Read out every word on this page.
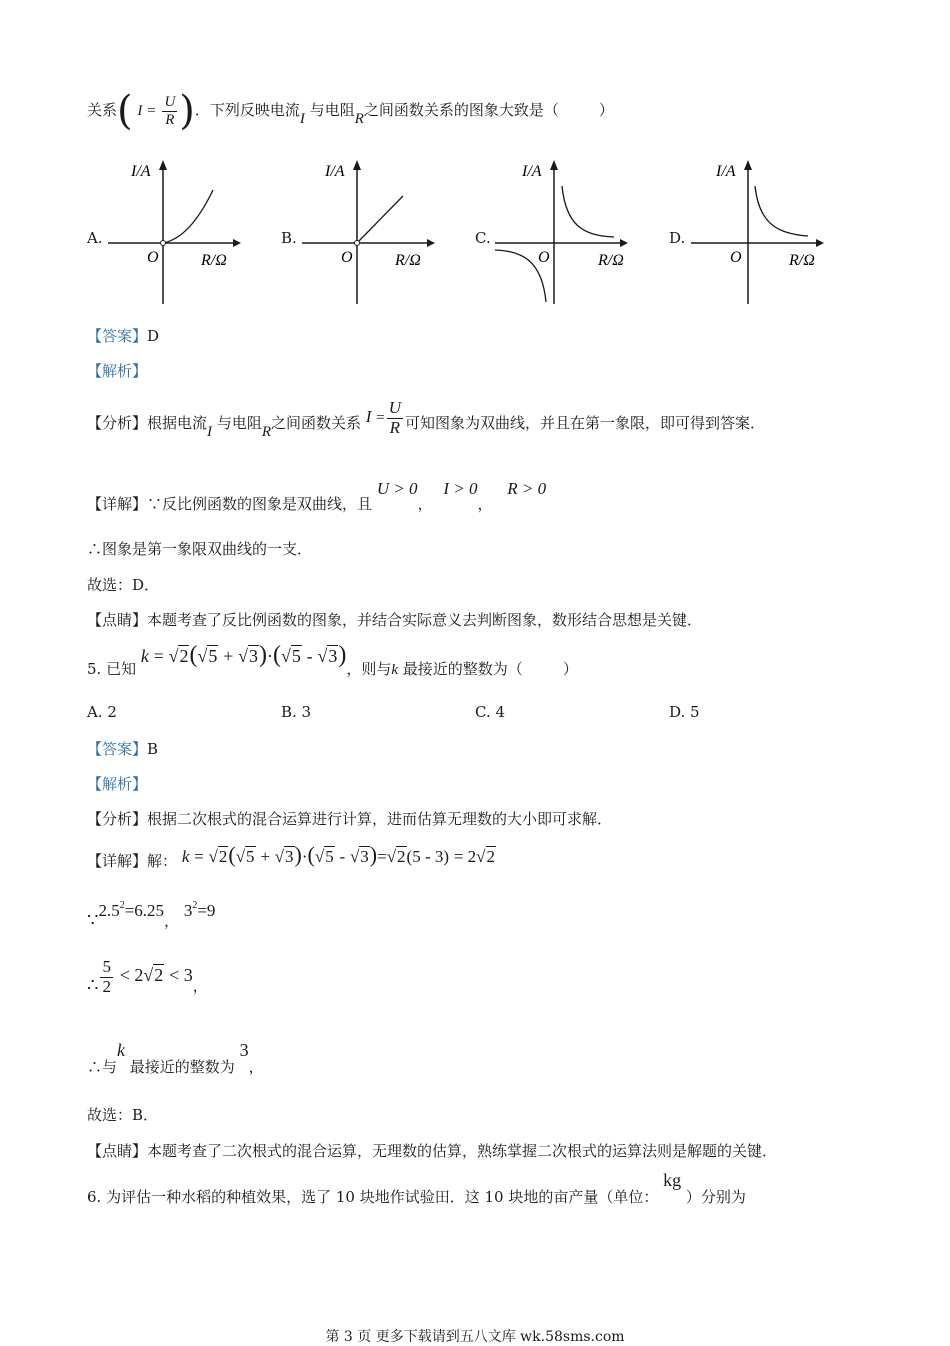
关系( $I = \frac{U}{R}$ )．下列反映电流I 与电阻R之间函数关系的图象大致是（	）
A.
I/A
O	R/Ω
B.
I/A
O	R/Ω
C.
I/A
O	R/Ω
D.
I/A
O	R/Ω
【答案】D
【解析】
【分析】根据电流I 与电阻R之间函数关系 $I = \frac{U}{R}$ 可知图象为双曲线，并且在第一象限，即可得到答案．
【详解】∵反比例函数的图象是双曲线，且 U > 0， I > 0， R > 0
∴图象是第一象限双曲线的一支．
故选：D．
【点睛】本题考查了反比例函数的图象，并结合实际意义去判断图象，数形结合思想是关键．
5. 已知 k = √2(√5 + √3)·(√5 - √3)，则与k 最接近的整数为（	）
A. 2	B. 3	C. 4	D. 5
【答案】B
【解析】
【分析】根据二次根式的混合运算进行计算，进而估算无理数的大小即可求解．
【详解】解： k = √2(√5 + √3)·(√5 - √3)=√2(5 - 3) = 2√2
$\because 2.5^2=6.25$， $3^2=9$
∴ $\frac{5}{2} < 2√2 < 3$，
∴与k 最接近的整数为 3，
故选：B．
【点睛】本题考查了二次根式的混合运算，无理数的估算，熟练掌握二次根式的运算法则是解题的关键．
6. 为评估一种水稻的种植效果，选了 10 块地作试验田．这 10 块地的亩产量（单位： kg ）分别为
第 3 页 更多下载请到五八文库 wk.58sms.com
